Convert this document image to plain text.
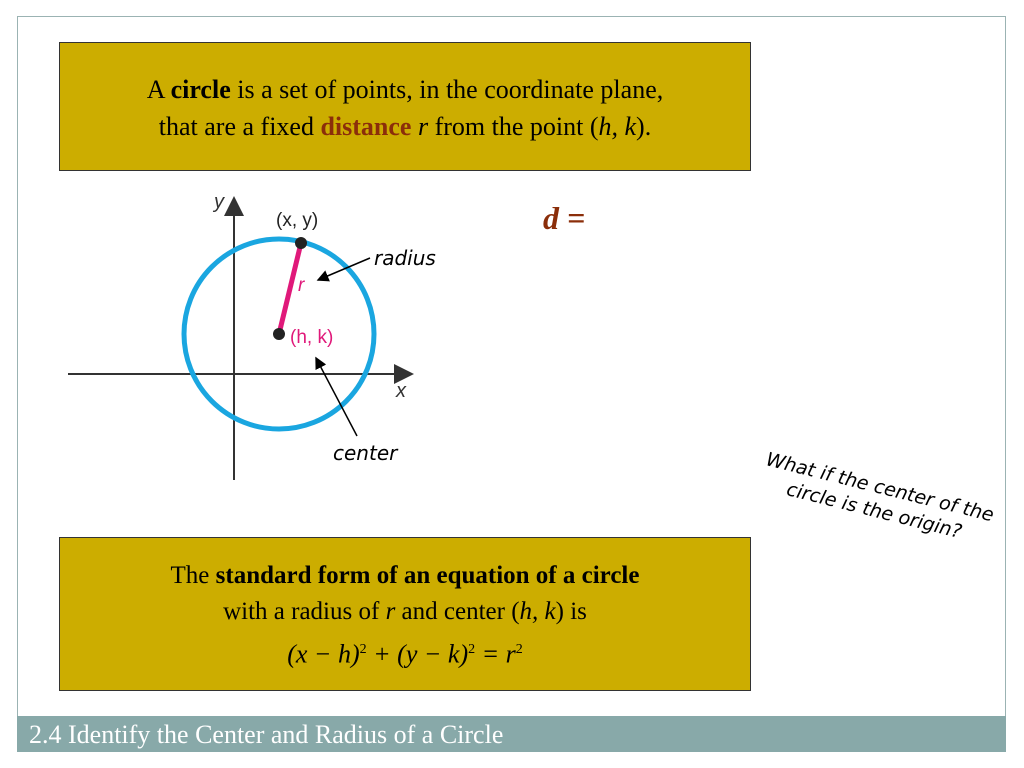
A circle is a set of points, in the coordinate plane,
that are a fixed distance r from the point (h, k).
x
y
(x, y)
r
(h, k)
radius
center
d =
What if the center of the circle is the origin?
The standard form of an equation of a circle
with a radius of r and center (h, k) is
$(x - h)^2 + (y - k)^2 = r^2$
2.4 Identify the Center and Radius of a Circle
